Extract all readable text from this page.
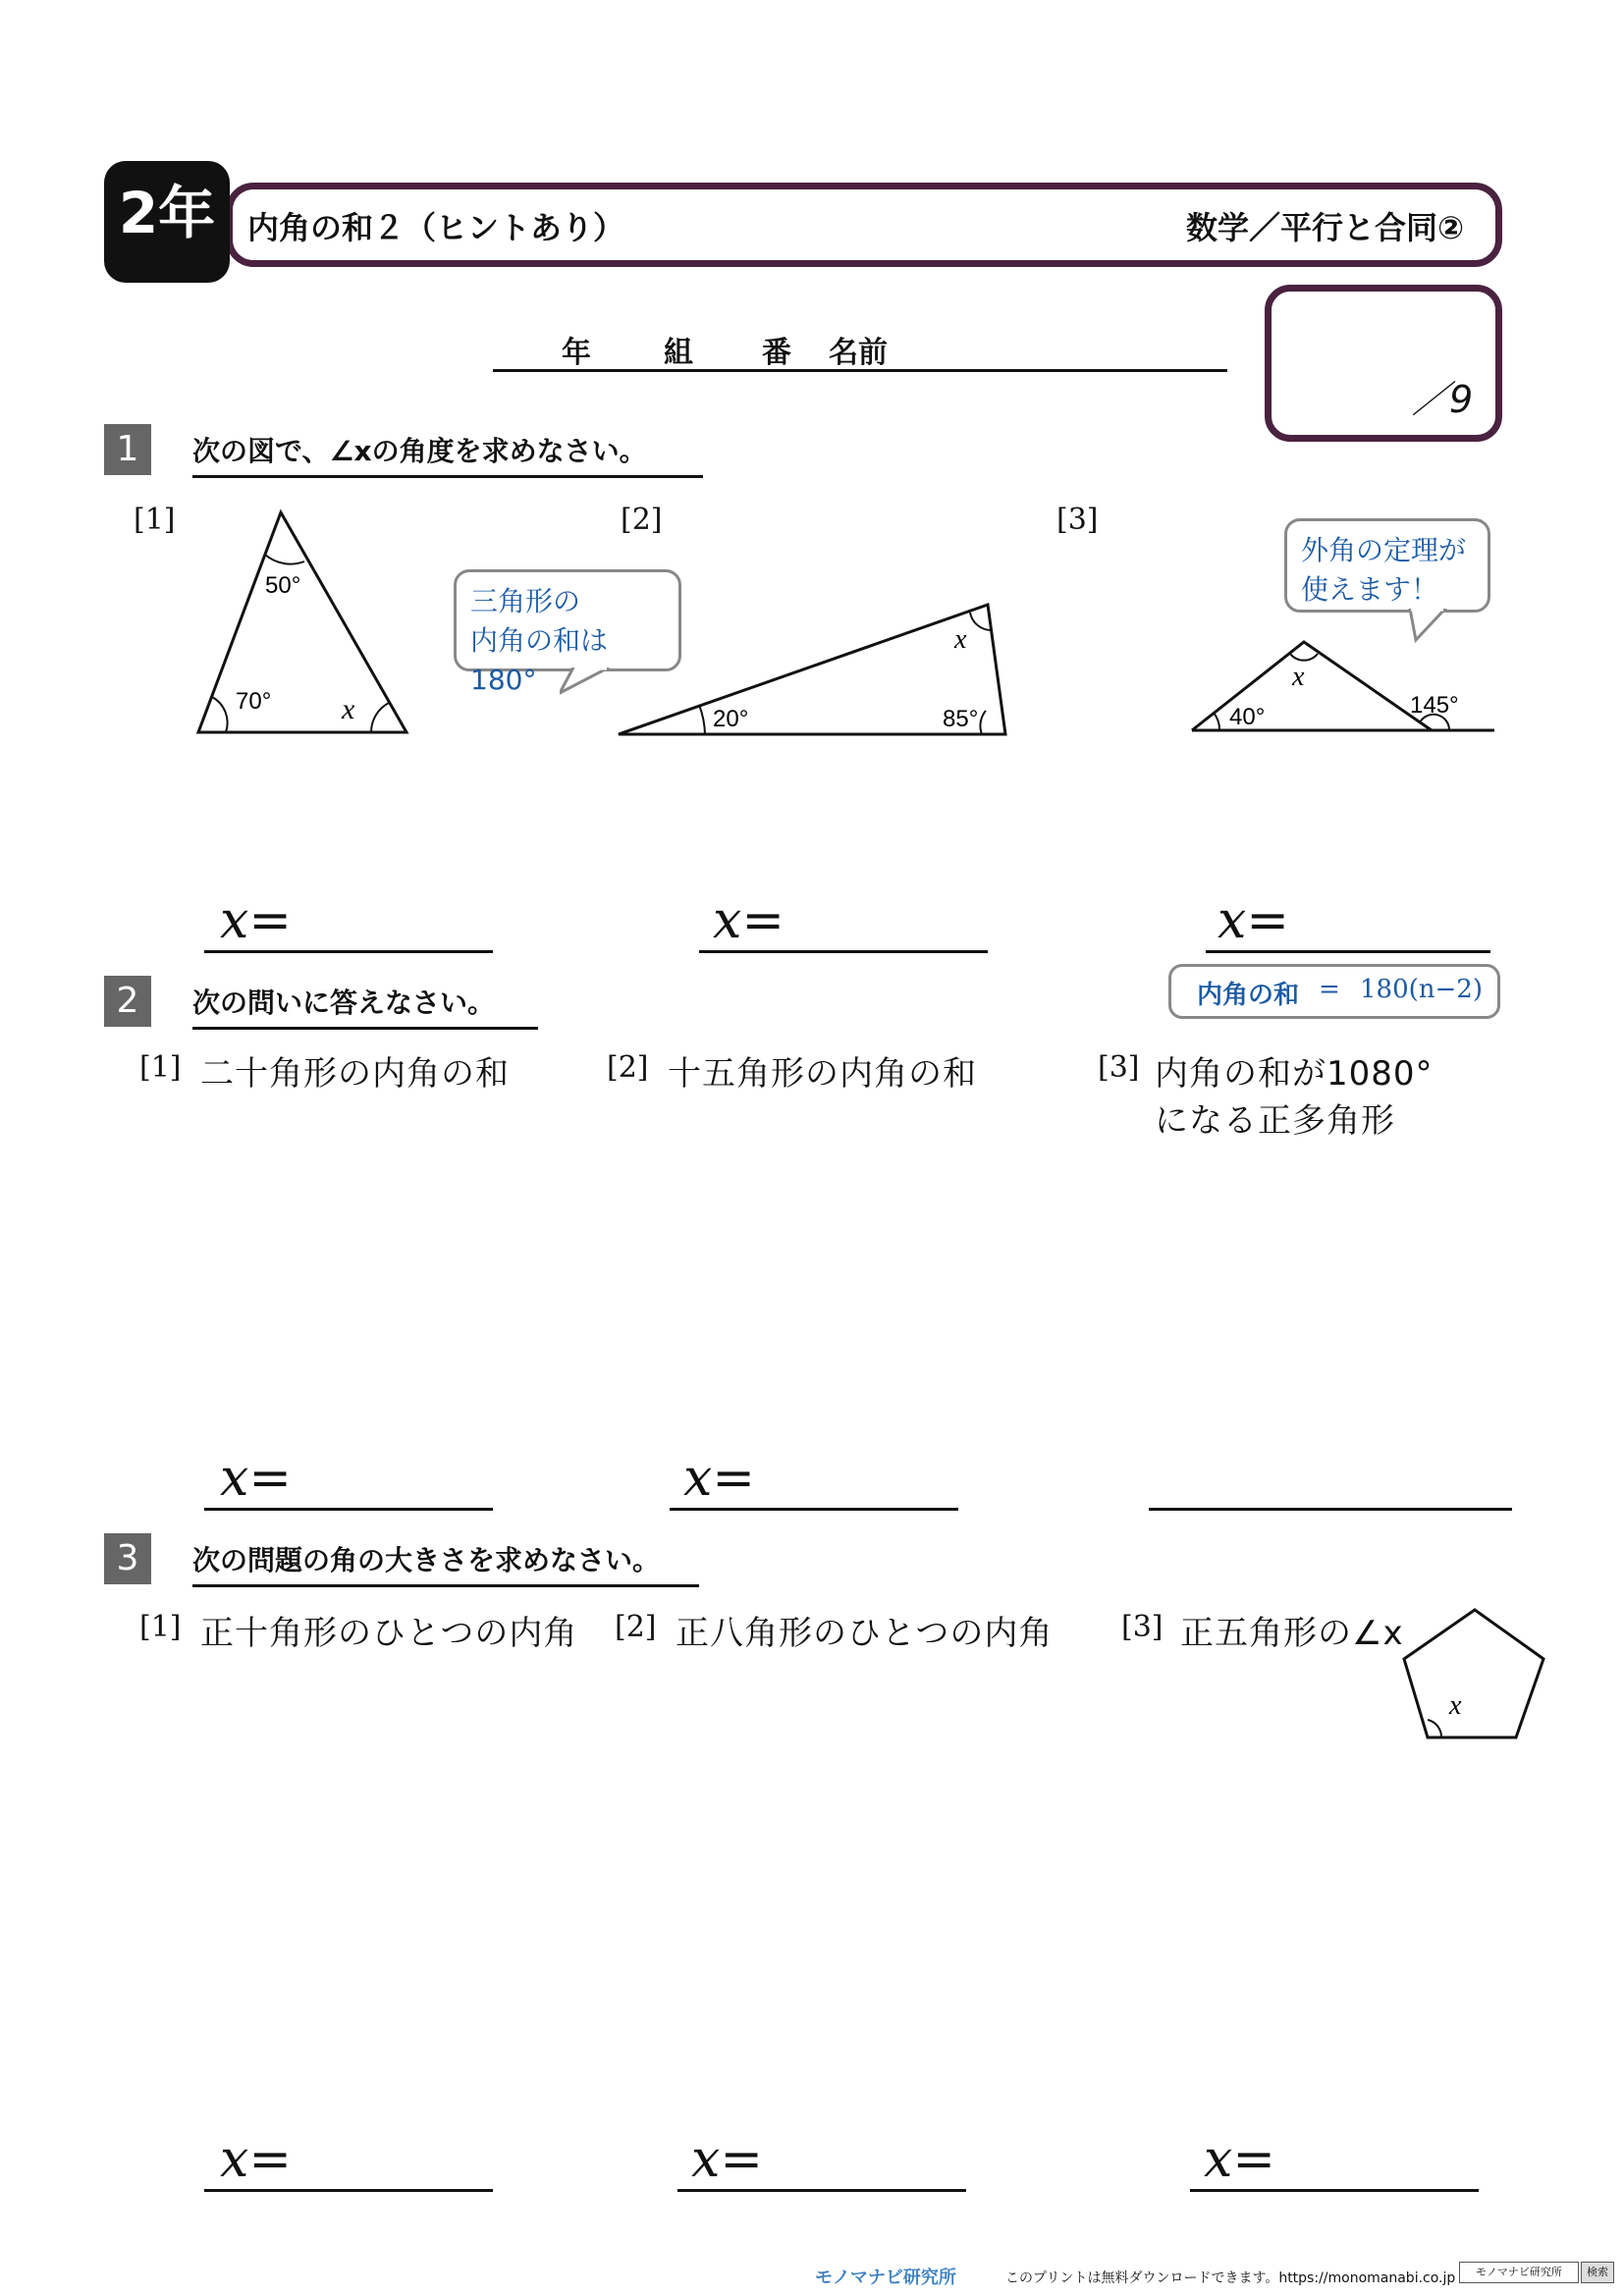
2年	内角の和２（ヒントあり）	数学／平行と合同②
年 組 番 名前
／9
1	次の図で、∠xの角度を求めなさい。
[1]	[2]	[3]
50°
70° x
三角形の
内角の和は180°
20°	85°
x
外角の定理が
使えます！
x
40°	145°
x=	x=	x=
2	次の問いに答えなさい。	内角の和 = 180(n−2)
[1] 二十角形の内角の和	[2] 十五角形の内角の和	[3] 内角の和が1080°
になる正多角形
x=	x=
3	次の問題の角の大きさを求めなさい。
[1] 正十角形のひとつの内角 [2] 正八角形のひとつの内角 [3] 正五角形の∠x
x
x=	x=	x=
モノマナビ研究所	このプリントは無料ダウンロードできます。https://monomanabi.co.jp	モノマナビ研究所	検索
